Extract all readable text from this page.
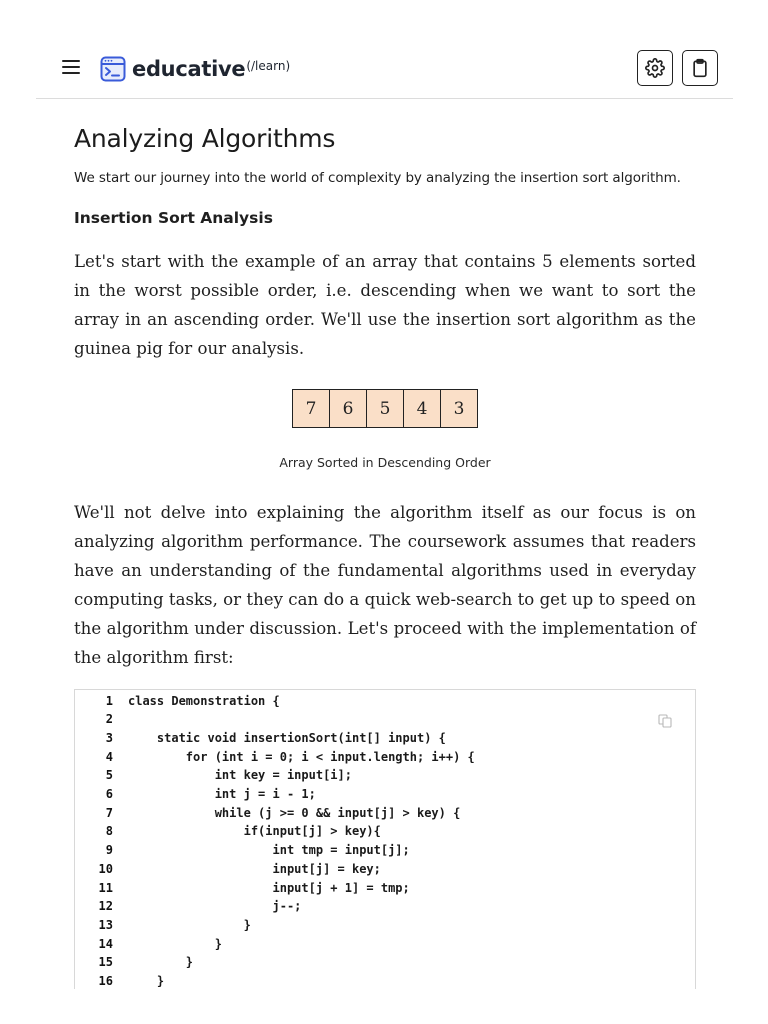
educative (/learn)
Analyzing Algorithms

We start our journey into the world of complexity by analyzing the insertion sort algorithm.

Insertion Sort Analysis

Let's start with the example of an array that contains 5 elements sorted in the worst possible order, i.e. descending when we want to sort the array in an ascending order. We'll use the insertion sort algorithm as the guinea pig for our analysis.

7	6	5	4	3

Array Sorted in Descending Order

We'll not delve into explaining the algorithm itself as our focus is on analyzing algorithm performance. The coursework assumes that readers have an understanding of the fundamental algorithms used in everyday computing tasks, or they can do a quick web-search to get up to speed on the algorithm under discussion. Let's proceed with the implementation of the algorithm first:

1 class Demonstration {
2
3    static void insertionSort(int[] input) {
4        for (int i = 0; i < input.length; i++) {
5            int key = input[i];
6            int j = i - 1;
7            while (j >= 0 && input[j] > key) {
8                if(input[j] > key){
9                    int tmp = input[j];
10                    input[j] = key;
11                    input[j + 1] = tmp;
12                    j--;
13                }
14            }
15        }
16    }
